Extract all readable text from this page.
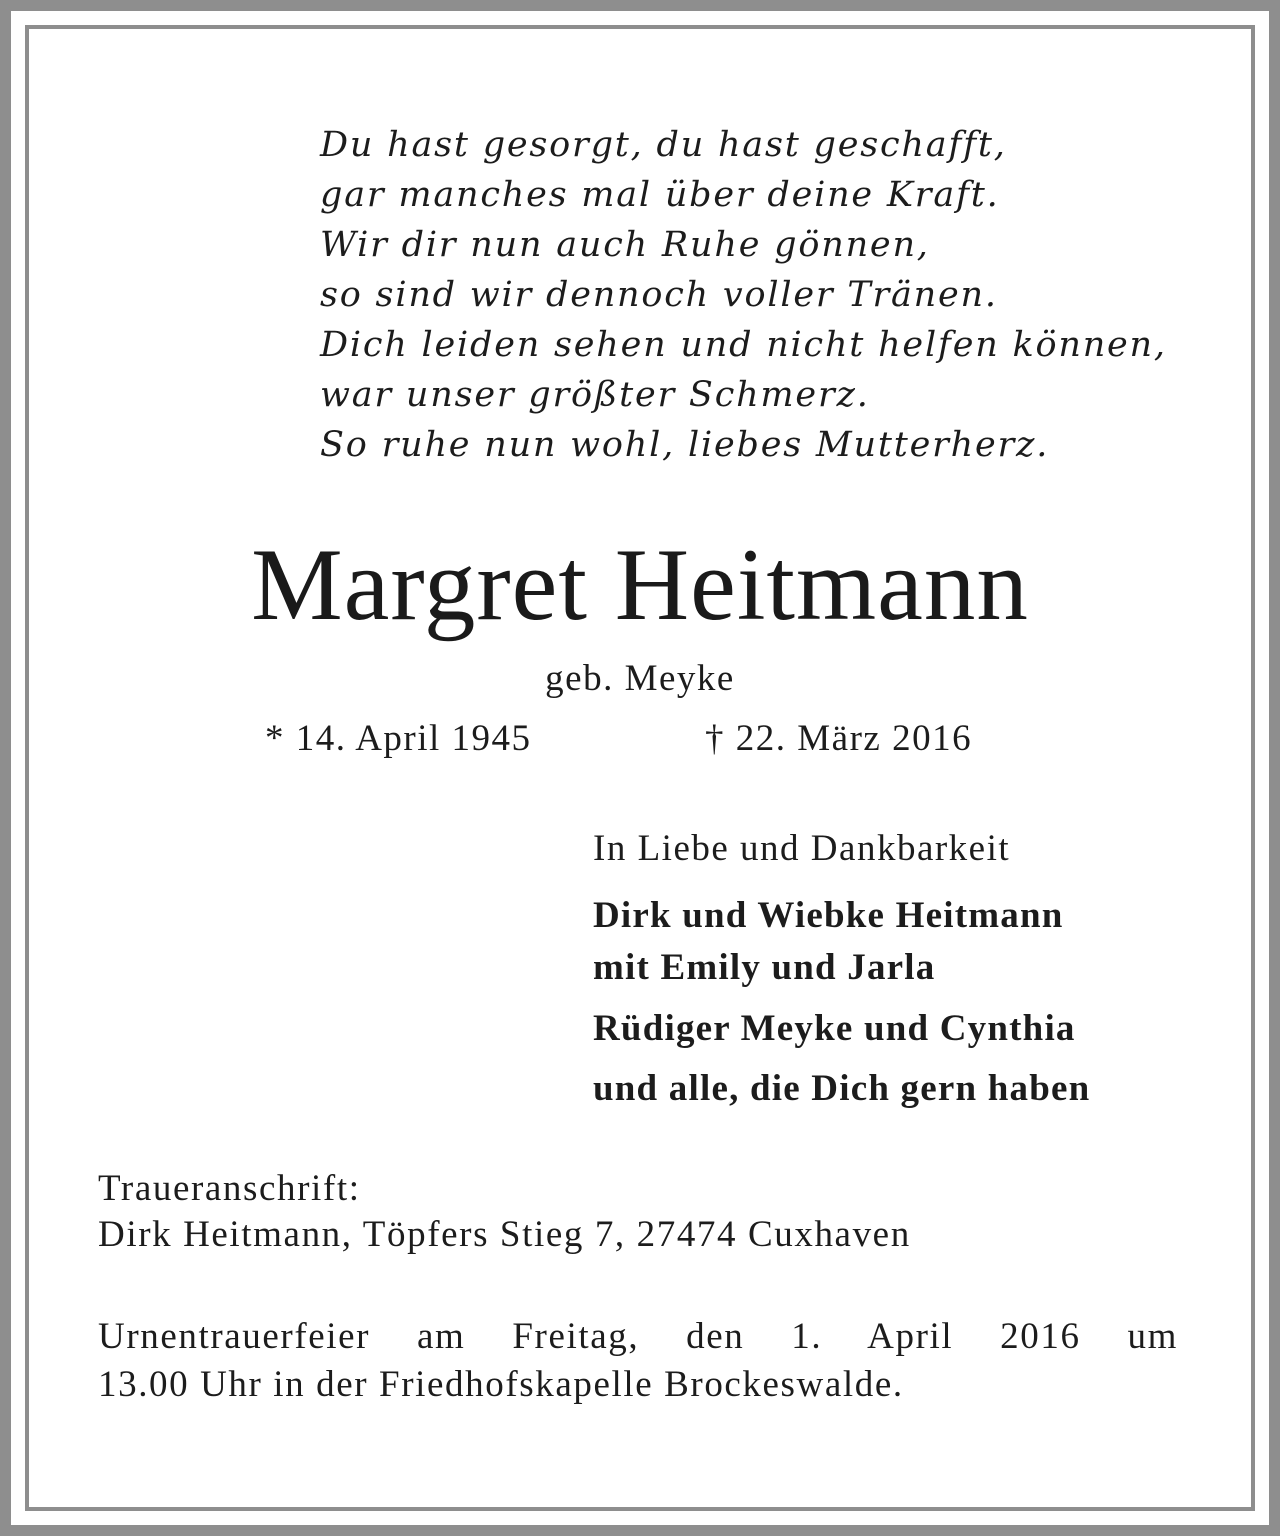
Du hast gesorgt, du hast geschafft,
gar manches mal über deine Kraft.
Wir dir nun auch Ruhe gönnen,
so sind wir dennoch voller Tränen.
Dich leiden sehen und nicht helfen können,
war unser größter Schmerz.
So ruhe nun wohl, liebes Mutterherz.
Margret Heitmann
geb. Meyke
* 14. April 1945	† 22. März 2016
In Liebe und Dankbarkeit
Dirk und Wiebke Heitmann
mit Emily und Jarla
Rüdiger Meyke und Cynthia
und alle, die Dich gern haben
Traueranschrift:
Dirk Heitmann, Töpfers Stieg 7, 27474 Cuxhaven
Urnentrauerfeier am Freitag, den 1. April 2016 um
13.00 Uhr in der Friedhofskapelle Brockeswalde.
